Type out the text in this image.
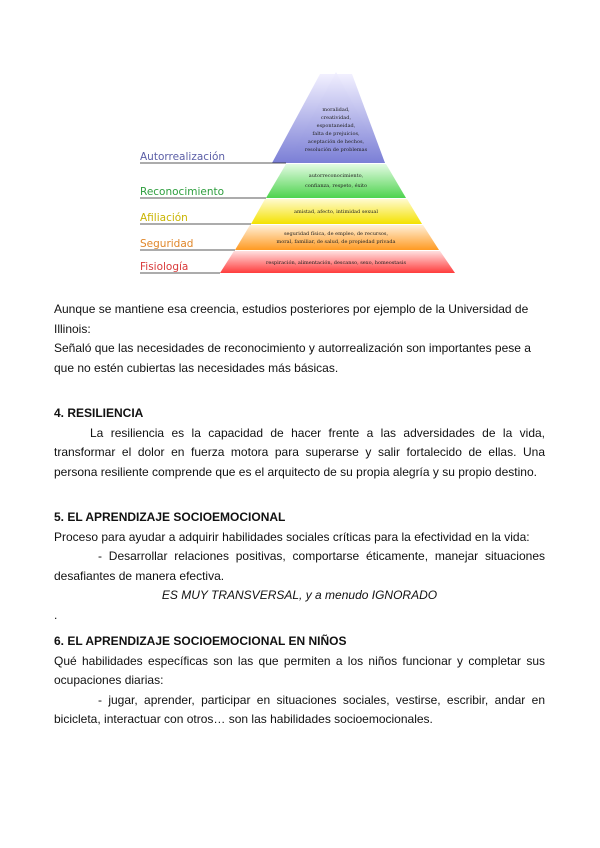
Autorrealización
Reconocimiento
Afiliación
Seguridad
Fisiología
moralidad,
creatividad,
espontaneidad,
falta de prejuicios,
aceptación de hechos,
resolución de problemas
autorreconocimiento,
confianza, respeto, éxito
amistad, afecto, intimidad sexual
seguridad física, de empleo, de recursos,
moral, familiar, de salud, de propiedad privada
respiración, alimentación, descanso, sexo, homeostasis

Aunque se mantiene esa creencia, estudios posteriores por ejemplo de la Universidad de Illinois:

Señaló que las necesidades de reconocimiento y autorrealización son importantes pese a que no estén cubiertas las necesidades más básicas.

4. RESILIENCIA

La resiliencia es la capacidad de hacer frente a las adversidades de la vida, transformar el dolor en fuerza motora para superarse y salir fortalecido de ellas. Una persona resiliente comprende que es el arquitecto de su propia alegría y su propio destino.

5. EL APRENDIZAJE SOCIOEMOCIONAL

Proceso para ayudar a adquirir habilidades sociales críticas para la efectividad en la vida:

- Desarrollar relaciones positivas, comportarse éticamente, manejar situaciones desafiantes de manera efectiva.

ES MUY TRANSVERSAL, y a menudo IGNORADO

.

6. EL APRENDIZAJE SOCIOEMOCIONAL EN NIÑOS

Qué habilidades específicas son las que permiten a los niños funcionar y completar sus ocupaciones diarias:

- jugar, aprender, participar en situaciones sociales, vestirse, escribir, andar en bicicleta, interactuar con otros… son las habilidades socioemocionales.
